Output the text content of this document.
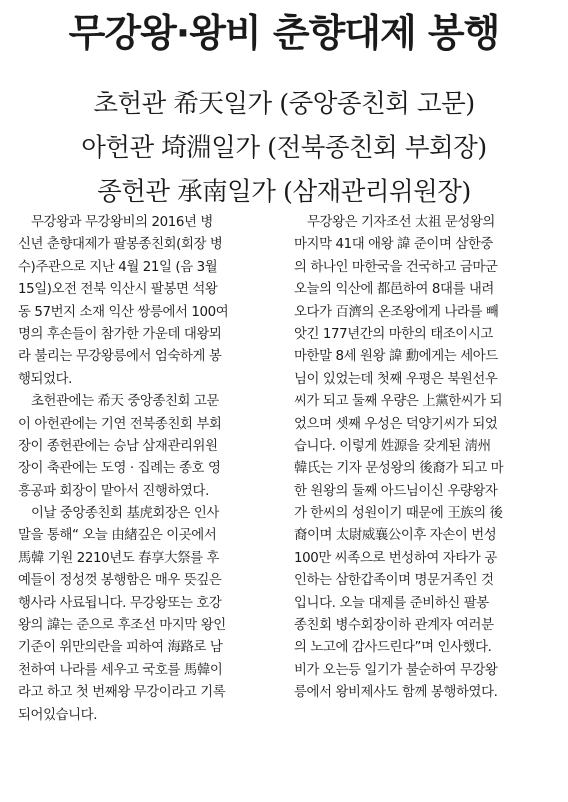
무강왕·왕비 춘향대제 봉행
초헌관 希天일가 (중앙종친회 고문)
아헌관 埼淵일가 (전북종친회 부회장)
종헌관 承南일가 (삼재관리위원장)
　무강왕과 무강왕비의 2016년 병
신년 춘향대제가 팔봉종친회(회장 병
수)주관으로 지난 4월 21일 (음 3월
15일)오전 전북 익산시 팔봉면 석왕
동 57번지 소재 익산 쌍릉에서 100여
명의 후손들이 참가한 가운데 대왕뫼
라 불리는 무강왕릉에서 엄숙하게 봉
행되었다.
　초헌관에는 希天 중앙종친회 고문
이 아헌관에는 기연 전북종친회 부회
장이 종헌관에는 승남 삼재관리위원
장이 축관에는 도영 · 집례는 종호 영
흥공파 회장이 맡아서 진행하였다.
　이날 중앙종친회 基虎회장은 인사
말을 통해“ 오늘 由緖깊은 이곳에서
馬韓 기원 2210년도 春享大祭를 후
예들이 정성껏 봉행함은 매우 뜻깊은
행사라 사료됩니다. 무강왕또는 호강
왕의 諱는 준으로 후조선 마지막 왕인
기준이 위만의란을 피하여 海路로 남
천하여 나라를 세우고 국호를 馬韓이
라고 하고 첫 번째왕 무강이라고 기록
되어있습니다.
　무강왕은 기자조선 太祖 문성왕의
마지막 41대 애왕 諱 준이며 삼한중
의 하나인 마한국을 건국하고 금마군
오늘의 익산에 都邑하여 8대를 내려
오다가 百濟의 온조왕에게 나라를 빼
앗긴 177년간의 마한의 태조이시고
마한말 8세 원왕 諱 勳에게는 세아드
님이 있었는데 첫째 우평은 북원선우
씨가 되고 둘째 우량은 上黨한씨가 되
었으며 셋째 우성은 덕양기씨가 되었
습니다. 이렇게 姓源을 갖게된 淸州
韓氏는 기자 문성왕의 後裔가 되고 마
한 원왕의 둘째 아드님이신 우량왕자
가 한씨의 성원이기 때문에 王族의 後
裔이며 太尉威襄公이후 자손이 번성
100만 씨족으로 번성하여 자타가 공
인하는 삼한갑족이며 명문거족인 것
입니다. 오늘 대제를 준비하신 팔봉
종친회 병수회장이하 관계자 여러분
의 노고에 감사드린다”며 인사했다.
비가 오는등 일기가 불순하여 무강왕
릉에서 왕비제사도 함께 봉행하였다.
